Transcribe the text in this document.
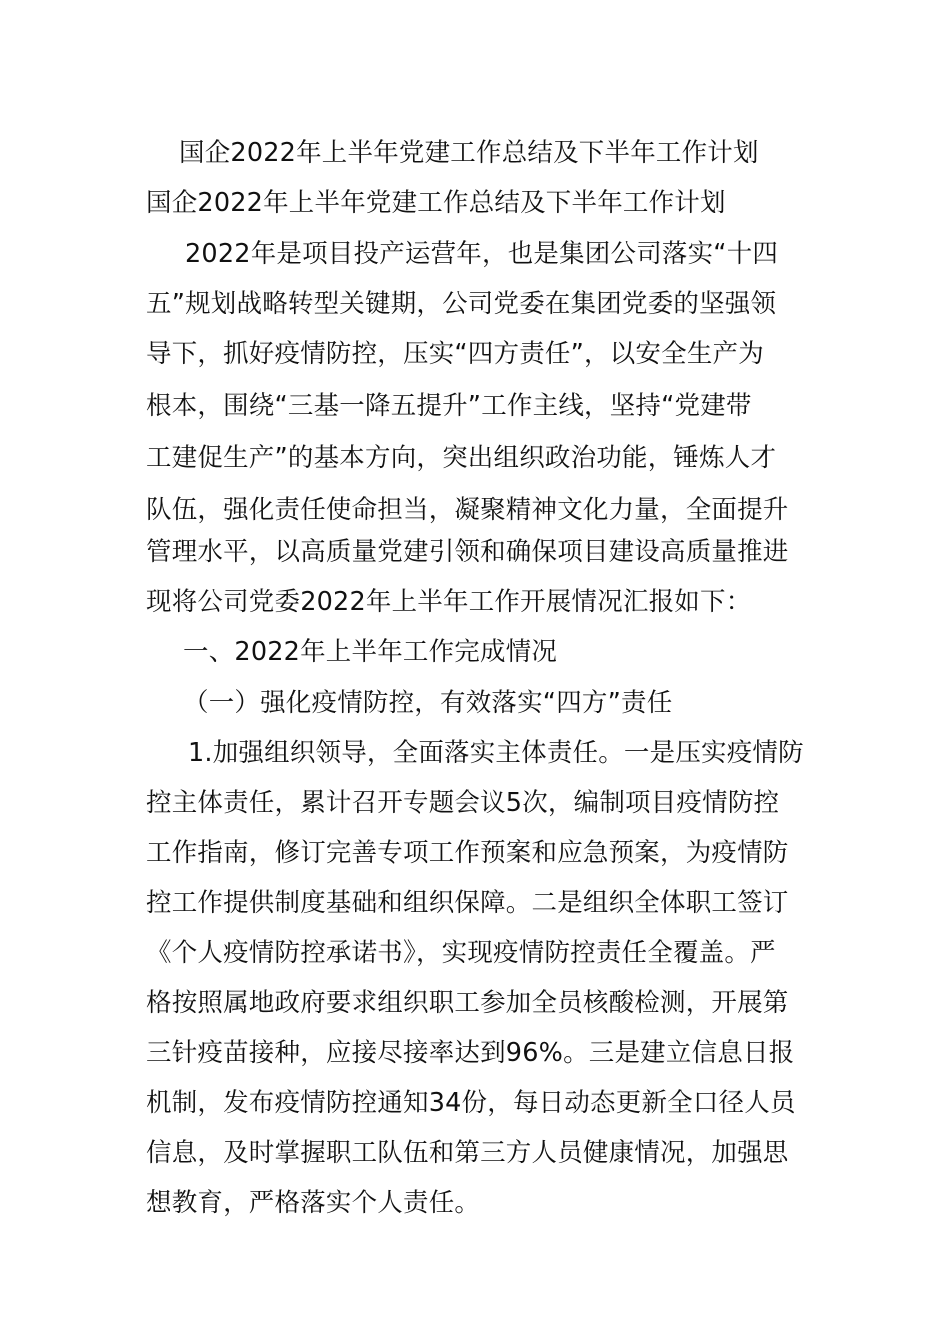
国企2022年上半年党建工作总结及下半年工作计划
国企2022年上半年党建工作总结及下半年工作计划
2022年是项目投产运营年，也是集团公司落实“十四
五”规划战略转型关键期，公司党委在集团党委的坚强领
导下，抓好疫情防控，压实“四方责任”，以安全生产为
根本，围绕“三基一降五提升”工作主线，坚持“党建带
工建促生产”的基本方向，突出组织政治功能，锤炼人才
队伍，强化责任使命担当，凝聚精神文化力量，全面提升
管理水平，以高质量党建引领和确保项目建设高质量推进
现将公司党委2022年上半年工作开展情况汇报如下：
一、2022年上半年工作完成情况
（一）强化疫情防控，有效落实“四方”责任
1.加强组织领导，全面落实主体责任。一是压实疫情防
控主体责任，累计召开专题会议5次，编制项目疫情防控
工作指南，修订完善专项工作预案和应急预案，为疫情防
控工作提供制度基础和组织保障。二是组织全体职工签订
《个人疫情防控承诺书》，实现疫情防控责任全覆盖。严
格按照属地政府要求组织职工参加全员核酸检测，开展第
三针疫苗接种，应接尽接率达到96%。三是建立信息日报
机制，发布疫情防控通知34份，每日动态更新全口径人员
信息，及时掌握职工队伍和第三方人员健康情况，加强思
想教育，严格落实个人责任。
